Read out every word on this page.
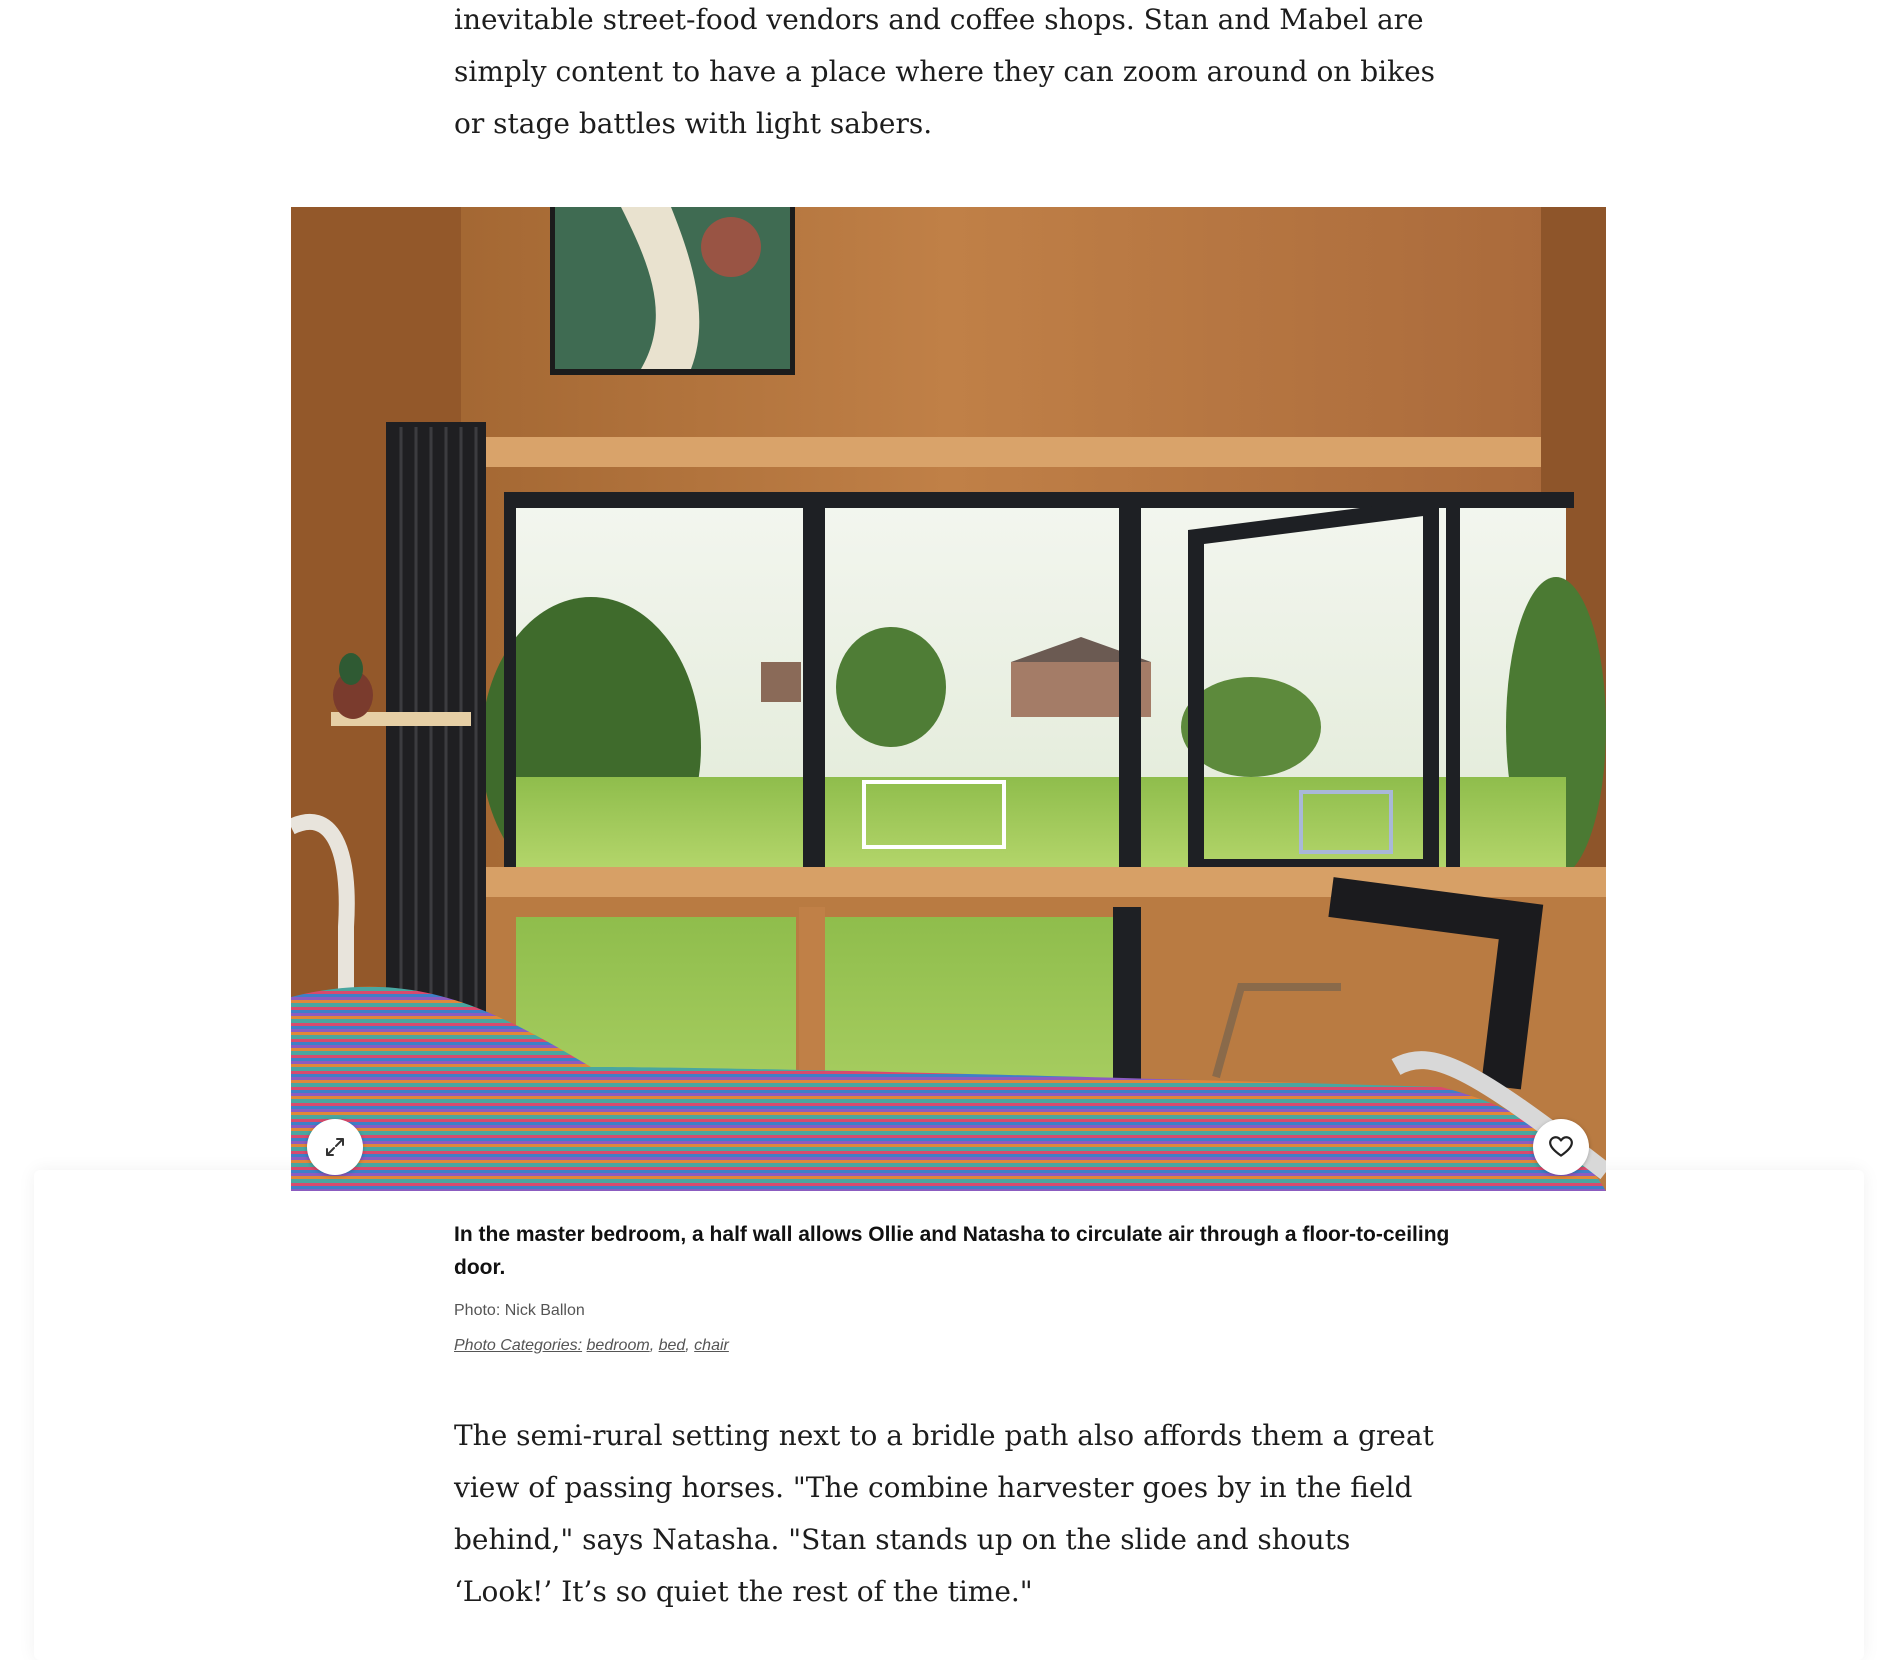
inevitable street-food vendors and coffee shops. Stan and Mabel are simply content to have a place where they can zoom around on bikes or stage battles with light sabers.

In the master bedroom, a half wall allows Ollie and Natasha to circulate air through a floor-to-ceiling door.

Photo: Nick Ballon
Photo Categories: bedroom, bed, chair

The semi-rural setting next to a bridle path also affords them a great view of passing horses. "The combine harvester goes by in the field behind," says Natasha. "Stan stands up on the slide and shouts ‘Look!’ It’s so quiet the rest of the time."
